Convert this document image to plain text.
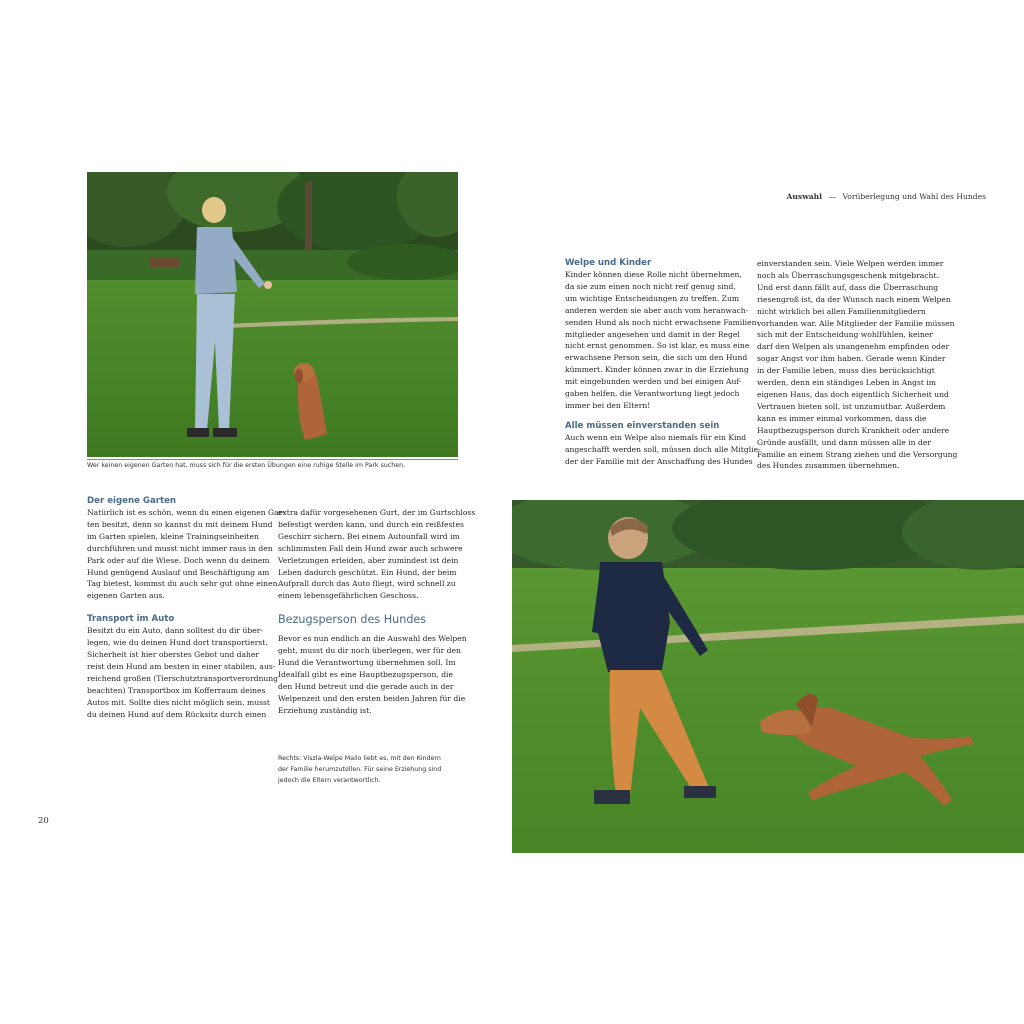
Wer keinen eigenen Garten hat, muss sich für die ersten Übungen eine ruhige Stelle im Park suchen.
Auswahl — Vorüberlegung und Wahl des Hundes

Der eigene Garten

Natürlich ist es schön, wenn du einen eigenen Gar-
ten besitzt, denn so kannst du mit deinem Hund
im Garten spielen, kleine Trainingseinheiten
durchführen und musst nicht immer raus in den
Park oder auf die Wiese. Doch wenn du deinem
Hund genügend Auslauf und Beschäftigung am
Tag bietest, kommst du auch sehr gut ohne einen
eigenen Garten aus.

Transport im Auto

Besitzt du ein Auto, dann solltest du dir über-
legen, wie du deinen Hund dort transportierst.
Sicherheit ist hier oberstes Gebot und daher
reist dein Hund am besten in einer stabilen, aus-
reichend großen (Tierschutztransportverordnung
beachten) Transportbox im Kofferraum deines
Autos mit. Sollte dies nicht möglich sein, musst
du deinen Hund auf dem Rücksitz durch einen
extra dafür vorgesehenen Gurt, der im Gurtschloss
befestigt werden kann, und durch ein reißfestes
Geschirr sichern. Bei einem Autounfall wird im
schlimmsten Fall dein Hund zwar auch schwere
Verletzungen erleiden, aber zumindest ist dein
Leben dadurch geschützt. Ein Hund, der beim
Aufprall durch das Auto fliegt, wird schnell zu
einem lebensgefährlichen Geschoss.

Bezugsperson des Hundes

Bevor es nun endlich an die Auswahl des Welpen
geht, musst du dir noch überlegen, wer für den
Hund die Verantwortung übernehmen soll. Im
Idealfall gibt es eine Hauptbezugsperson, die
den Hund betreut und die gerade auch in der
Welpenzeit und den ersten beiden Jahren für die
Erziehung zuständig ist.
Rechts: Viszla-Welpe Mailo liebt es, mit den Kindern
der Familie herumzutollen. Für seine Erziehung sind
jedoch die Eltern verantwortlich.

Welpe und Kinder

Kinder können diese Rolle nicht übernehmen,
da sie zum einen noch nicht reif genug sind,
um wichtige Entscheidungen zu treffen. Zum
anderen werden sie aber auch vom heranwach-
senden Hund als noch nicht erwachsene Familien-
mitglieder angesehen und damit in der Regel
nicht ernst genommen. So ist klar, es muss eine
erwachsene Person sein, die sich um den Hund
kümmert. Kinder können zwar in die Erziehung
mit eingebunden werden und bei einigen Auf-
gaben helfen, die Verantwortung liegt jedoch
immer bei den Eltern!

Alle müssen einverstanden sein

Auch wenn ein Welpe also niemals für ein Kind
angeschafft werden soll, müssen doch alle Mitglie-
der der Familie mit der Anschaffung des Hundes
einverstanden sein. Viele Welpen werden immer
noch als Überraschungsgeschenk mitgebracht.
Und erst dann fällt auf, dass die Überraschung
riesengroß ist, da der Wunsch nach einem Welpen
nicht wirklich bei allen Familienmitgliedern
vorhanden war. Alle Mitglieder der Familie müssen
sich mit der Entscheidung wohlfühlen, keiner
darf den Welpen als unangenehm empfinden oder
sogar Angst vor ihm haben. Gerade wenn Kinder
in der Familie leben, muss dies berücksichtigt
werden, denn ein ständiges Leben in Angst im
eigenen Haus, das doch eigentlich Sicherheit und
Vertrauen bieten soll, ist unzumutbar. Außerdem
kann es immer einmal vorkommen, dass die
Hauptbezugsperson durch Krankheit oder andere
Gründe ausfällt, und dann müssen alle in der
Familie an einem Strang ziehen und die Versorgung
des Hundes zusammen übernehmen.
20
